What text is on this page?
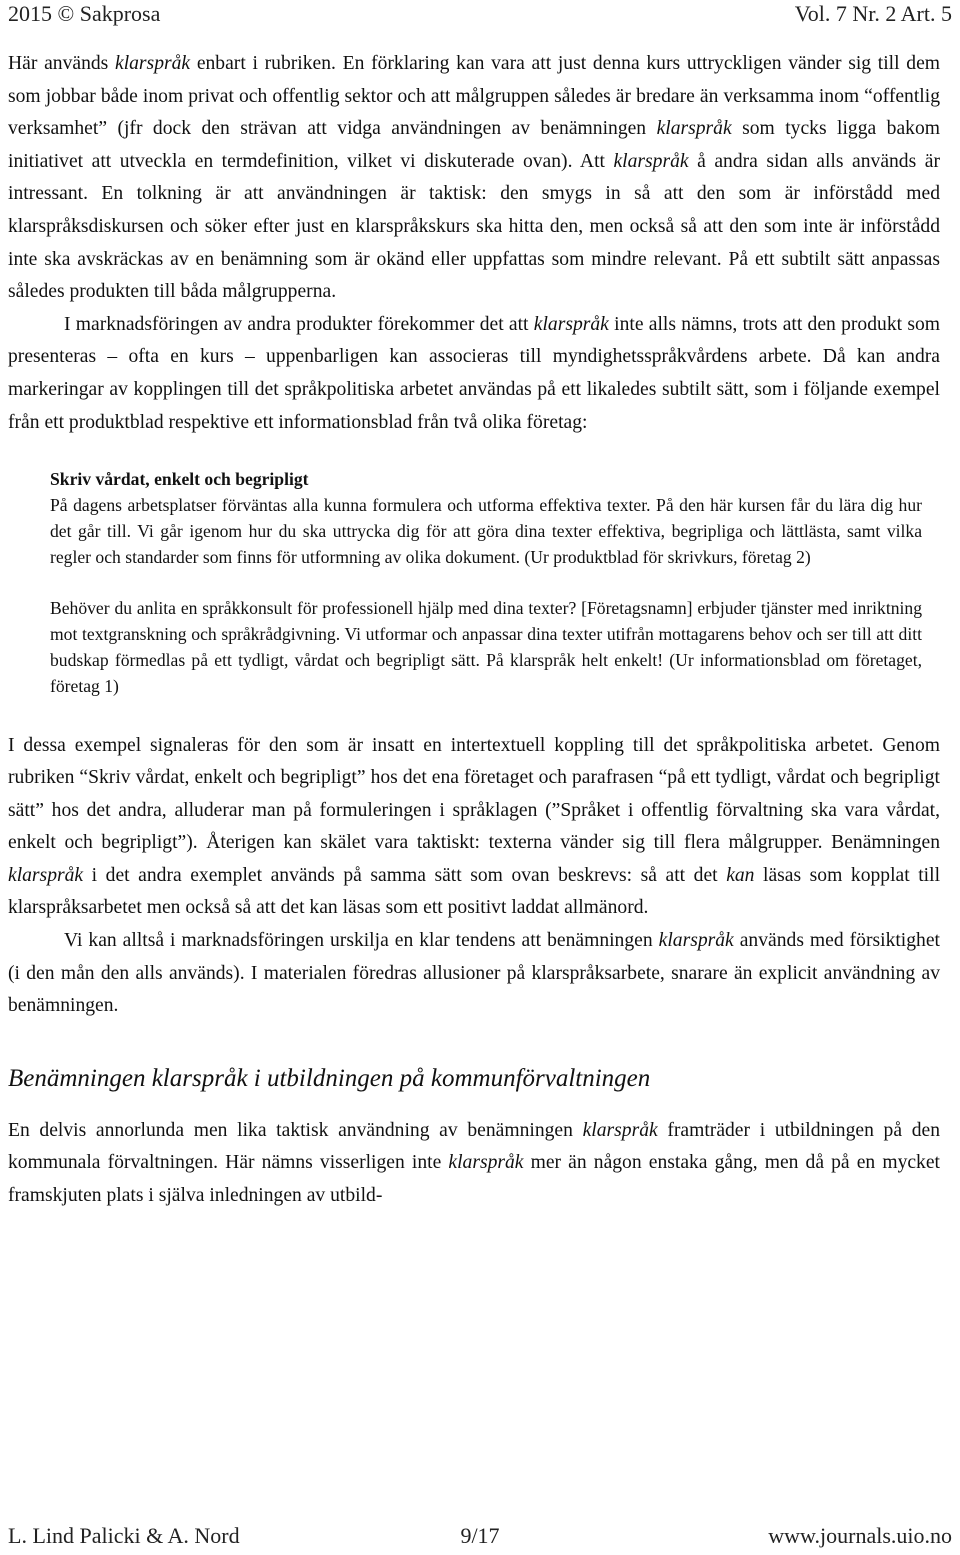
2015 © Sakprosa	Vol. 7 Nr. 2 Art. 5

Här används klarspråk enbart i rubriken. En förklaring kan vara att just denna kurs uttryckligen vänder sig till dem som jobbar både inom privat och offentlig sektor och att målgruppen således är bredare än verksamma inom “offentlig verksamhet” (jfr dock den strävan att vidga användningen av benämningen klarspråk som tycks ligga bakom initiativet att utveckla en termdefinition, vilket vi diskuterade ovan). Att klarspråk å andra sidan alls används är intressant. En tolkning är att användningen är taktisk: den smygs in så att den som är införstådd med klarspråksdiskursen och söker efter just en klarspråkskurs ska hitta den, men också så att den som inte är införstådd inte ska avskräckas av en benämning som är okänd eller uppfattas som mindre relevant. På ett subtilt sätt anpassas således produkten till båda målgrupperna.

I marknadsföringen av andra produkter förekommer det att klarspråk inte alls nämns, trots att den produkt som presenteras – ofta en kurs – uppenbarligen kan associeras till myndighetsspråkvårdens arbete. Då kan andra markeringar av kopplingen till det språkpolitiska arbetet användas på ett likaledes subtilt sätt, som i följande exempel från ett produktblad respektive ett informationsblad från två olika företag:

Skriv vårdat, enkelt och begripligt
På dagens arbetsplatser förväntas alla kunna formulera och utforma effektiva texter. På den här kursen får du lära dig hur det går till. Vi går igenom hur du ska uttrycka dig för att göra dina texter effektiva, begripliga och lättlästa, samt vilka regler och standarder som finns för utformning av olika dokument. (Ur produktblad för skrivkurs, företag 2)

Behöver du anlita en språkkonsult för professionell hjälp med dina texter? [Företagsnamn] erbjuder tjänster med inriktning mot textgranskning och språkrådgivning. Vi utformar och anpassar dina texter utifrån mottagarens behov och ser till att ditt budskap förmedlas på ett tydligt, vårdat och begripligt sätt. På klarspråk helt enkelt! (Ur informationsblad om företaget, företag 1)

I dessa exempel signaleras för den som är insatt en intertextuell koppling till det språkpolitiska arbetet. Genom rubriken “Skriv vårdat, enkelt och begripligt” hos det ena företaget och parafrasen “på ett tydligt, vårdat och begripligt sätt” hos det andra, alluderar man på formuleringen i språklagen (”Språket i offentlig förvaltning ska vara vårdat, enkelt och begripligt”). Återigen kan skälet vara taktiskt: texterna vänder sig till flera målgrupper. Benämningen klarspråk i det andra exemplet används på samma sätt som ovan beskrevs: så att det kan läsas som kopplat till klarspråksarbetet men också så att det kan läsas som ett positivt laddat allmänord.

Vi kan alltså i marknadsföringen urskilja en klar tendens att benämningen klarspråk används med försiktighet (i den mån den alls används). I materialen föredras allusioner på klarspråksarbete, snarare än explicit användning av benämningen.

Benämningen klarspråk i utbildningen på kommunförvaltningen

En delvis annorlunda men lika taktisk användning av benämningen klarspråk framträder i utbildningen på den kommunala förvaltningen. Här nämns visserligen inte klarspråk mer än någon enstaka gång, men då på en mycket framskjuten plats i själva inledningen av utbild-

L. Lind Palicki & A. Nord	9/17	www.journals.uio.no
